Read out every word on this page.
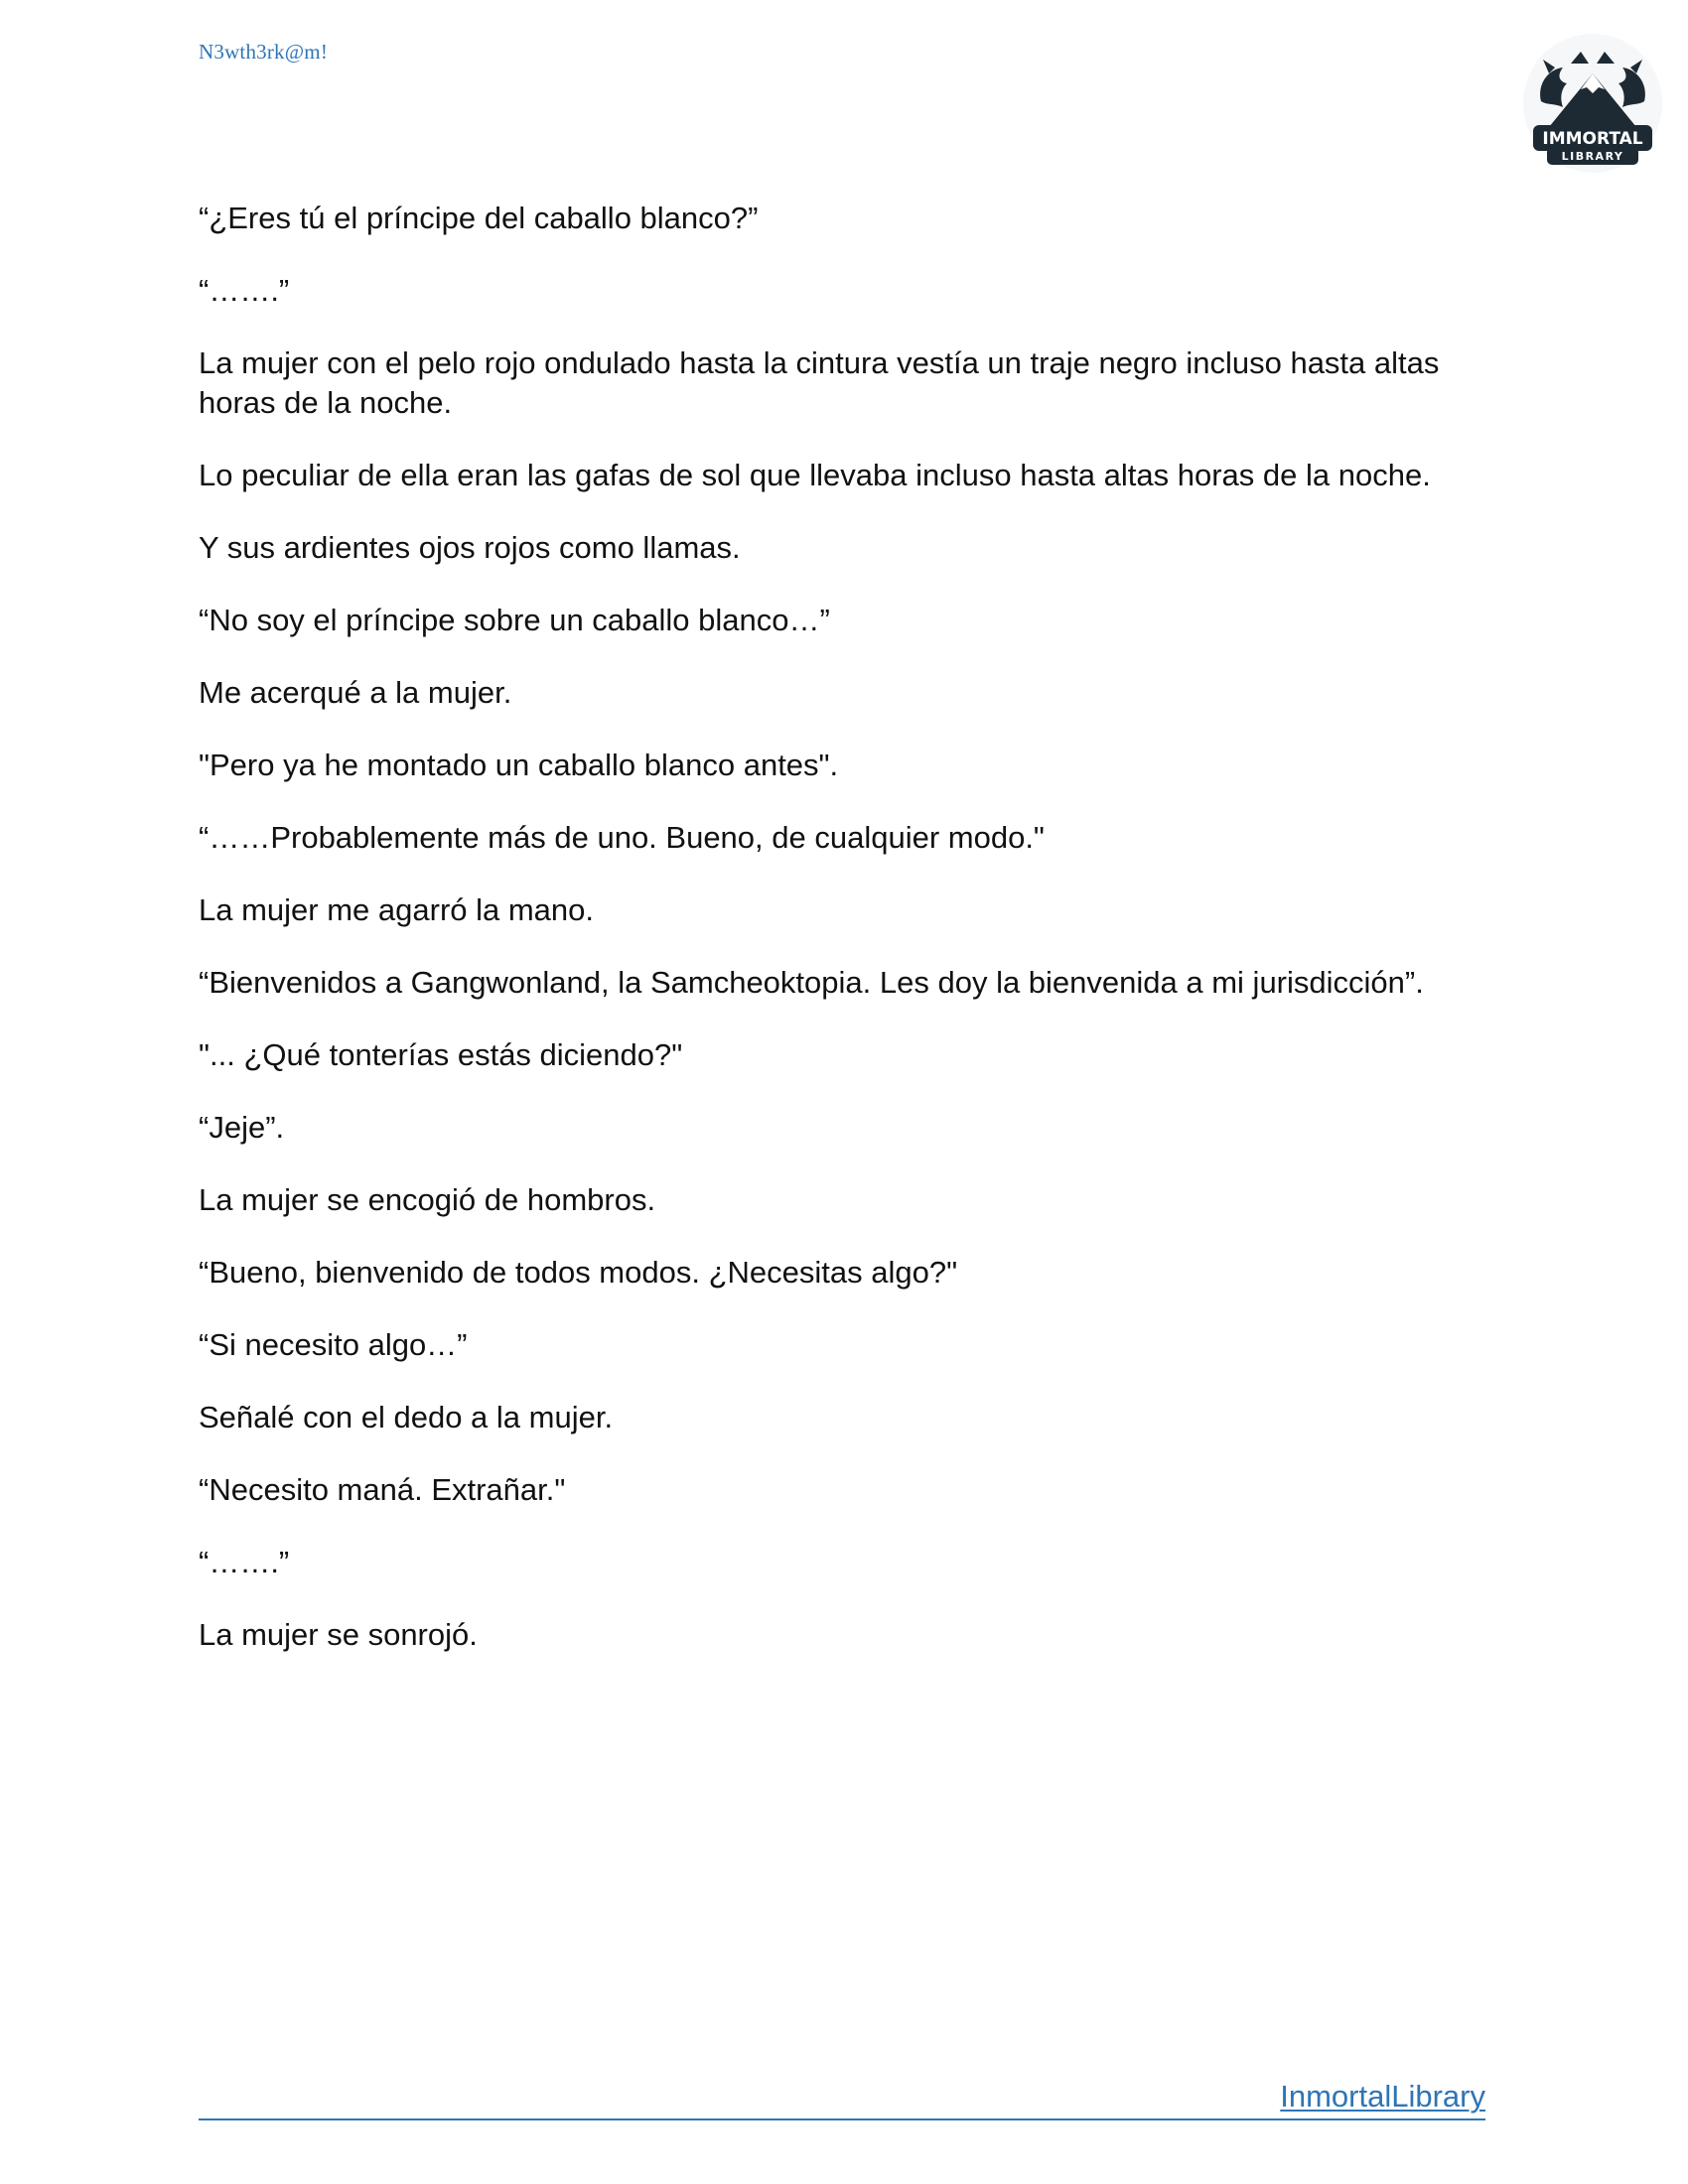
N3wth3rk@m!
IMMORTAL
LIBRARY

“¿Eres tú el príncipe del caballo blanco?”

“…….”

La mujer con el pelo rojo ondulado hasta la cintura vestía un traje negro incluso hasta altas horas de la noche.

Lo peculiar de ella eran las gafas de sol que llevaba incluso hasta altas horas de la noche.

Y sus ardientes ojos rojos como llamas.

“No soy el príncipe sobre un caballo blanco…”

Me acerqué a la mujer.

"Pero ya he montado un caballo blanco antes".

“……Probablemente más de uno. Bueno, de cualquier modo."

La mujer me agarró la mano.

“Bienvenidos a Gangwonland, la Samcheoktopia. Les doy la bienvenida a mi jurisdicción”.

"... ¿Qué tonterías estás diciendo?"

“Jeje”.

La mujer se encogió de hombros.

“Bueno, bienvenido de todos modos. ¿Necesitas algo?"

“Si necesito algo…”

Señalé con el dedo a la mujer.

“Necesito maná. Extrañar."

“…….”

La mujer se sonrojó.

InmortalLibrary
